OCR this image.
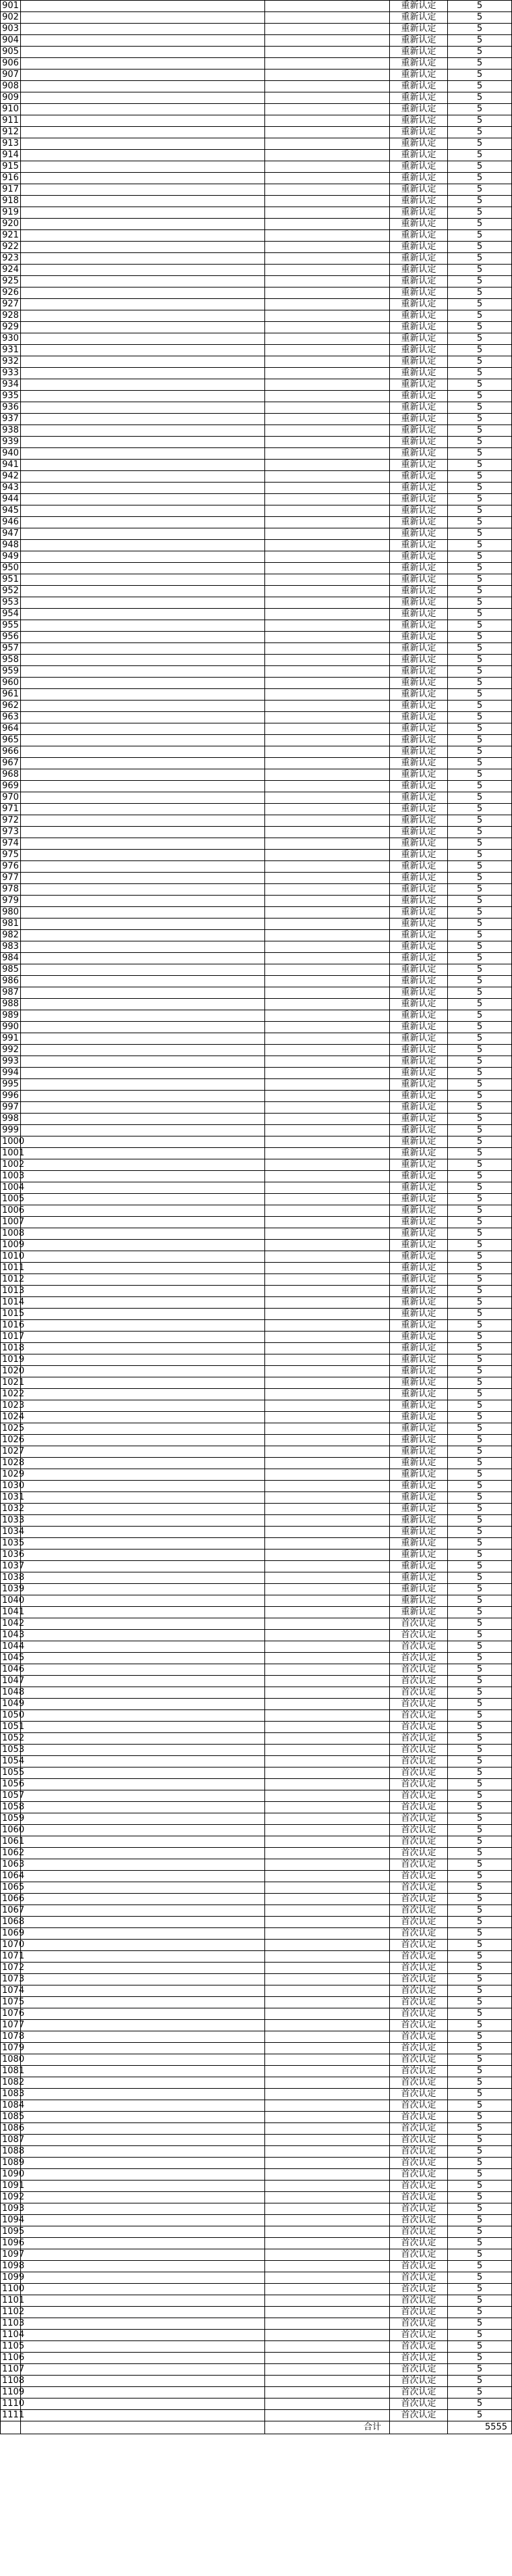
901			重新认定	5
902			重新认定	5
903			重新认定	5
904			重新认定	5
905			重新认定	5
906			重新认定	5
907			重新认定	5
908			重新认定	5
909			重新认定	5
910			重新认定	5
911			重新认定	5
912			重新认定	5
913			重新认定	5
914			重新认定	5
915			重新认定	5
916			重新认定	5
917			重新认定	5
918			重新认定	5
919			重新认定	5
920			重新认定	5
921			重新认定	5
922			重新认定	5
923			重新认定	5
924			重新认定	5
925			重新认定	5
926			重新认定	5
927			重新认定	5
928			重新认定	5
929			重新认定	5
930			重新认定	5
931			重新认定	5
932			重新认定	5
933			重新认定	5
934			重新认定	5
935			重新认定	5
936			重新认定	5
937			重新认定	5
938			重新认定	5
939			重新认定	5
940			重新认定	5
941			重新认定	5
942			重新认定	5
943			重新认定	5
944			重新认定	5
945			重新认定	5
946			重新认定	5
947			重新认定	5
948			重新认定	5
949			重新认定	5
950			重新认定	5
951			重新认定	5
952			重新认定	5
953			重新认定	5
954			重新认定	5
955			重新认定	5
956			重新认定	5
957			重新认定	5
958			重新认定	5
959			重新认定	5
960			重新认定	5
961			重新认定	5
962			重新认定	5
963			重新认定	5
964			重新认定	5
965			重新认定	5
966			重新认定	5
967			重新认定	5
968			重新认定	5
969			重新认定	5
970			重新认定	5
971			重新认定	5
972			重新认定	5
973			重新认定	5
974			重新认定	5
975			重新认定	5
976			重新认定	5
977			重新认定	5
978			重新认定	5
979			重新认定	5
980			重新认定	5
981			重新认定	5
982			重新认定	5
983			重新认定	5
984			重新认定	5
985			重新认定	5
986			重新认定	5
987			重新认定	5
988			重新认定	5
989			重新认定	5
990			重新认定	5
991			重新认定	5
992			重新认定	5
993			重新认定	5
994			重新认定	5
995			重新认定	5
996			重新认定	5
997			重新认定	5
998			重新认定	5
999			重新认定	5
1000			重新认定	5
1001			重新认定	5
1002			重新认定	5
1003			重新认定	5
1004			重新认定	5
1005			重新认定	5
1006			重新认定	5
1007			重新认定	5
1008			重新认定	5
1009			重新认定	5
1010			重新认定	5
1011			重新认定	5
1012			重新认定	5
1013			重新认定	5
1014			重新认定	5
1015			重新认定	5
1016			重新认定	5
1017			重新认定	5
1018			重新认定	5
1019			重新认定	5
1020			重新认定	5
1021			重新认定	5
1022			重新认定	5
1023			重新认定	5
1024			重新认定	5
1025			重新认定	5
1026			重新认定	5
1027			重新认定	5
1028			重新认定	5
1029			重新认定	5
1030			重新认定	5
1031			重新认定	5
1032			重新认定	5
1033			重新认定	5
1034			重新认定	5
1035			重新认定	5
1036			重新认定	5
1037			重新认定	5
1038			重新认定	5
1039			重新认定	5
1040			重新认定	5
1041			重新认定	5
1042			首次认定	5
1043			首次认定	5
1044			首次认定	5
1045			首次认定	5
1046			首次认定	5
1047			首次认定	5
1048			首次认定	5
1049			首次认定	5
1050			首次认定	5
1051			首次认定	5
1052			首次认定	5
1053			首次认定	5
1054			首次认定	5
1055			首次认定	5
1056			首次认定	5
1057			首次认定	5
1058			首次认定	5
1059			首次认定	5
1060			首次认定	5
1061			首次认定	5
1062			首次认定	5
1063			首次认定	5
1064			首次认定	5
1065			首次认定	5
1066			首次认定	5
1067			首次认定	5
1068			首次认定	5
1069			首次认定	5
1070			首次认定	5
1071			首次认定	5
1072			首次认定	5
1073			首次认定	5
1074			首次认定	5
1075			首次认定	5
1076			首次认定	5
1077			首次认定	5
1078			首次认定	5
1079			首次认定	5
1080			首次认定	5
1081			首次认定	5
1082			首次认定	5
1083			首次认定	5
1084			首次认定	5
1085			首次认定	5
1086			首次认定	5
1087			首次认定	5
1088			首次认定	5
1089			首次认定	5
1090			首次认定	5
1091			首次认定	5
1092			首次认定	5
1093			首次认定	5
1094			首次认定	5
1095			首次认定	5
1096			首次认定	5
1097			首次认定	5
1098			首次认定	5
1099			首次认定	5
1100			首次认定	5
1101			首次认定	5
1102			首次认定	5
1103			首次认定	5
1104			首次认定	5
1105			首次认定	5
1106			首次认定	5
1107			首次认定	5
1108			首次认定	5
1109			首次认定	5
1110			首次认定	5
1111			首次认定	5
		合计		5555
